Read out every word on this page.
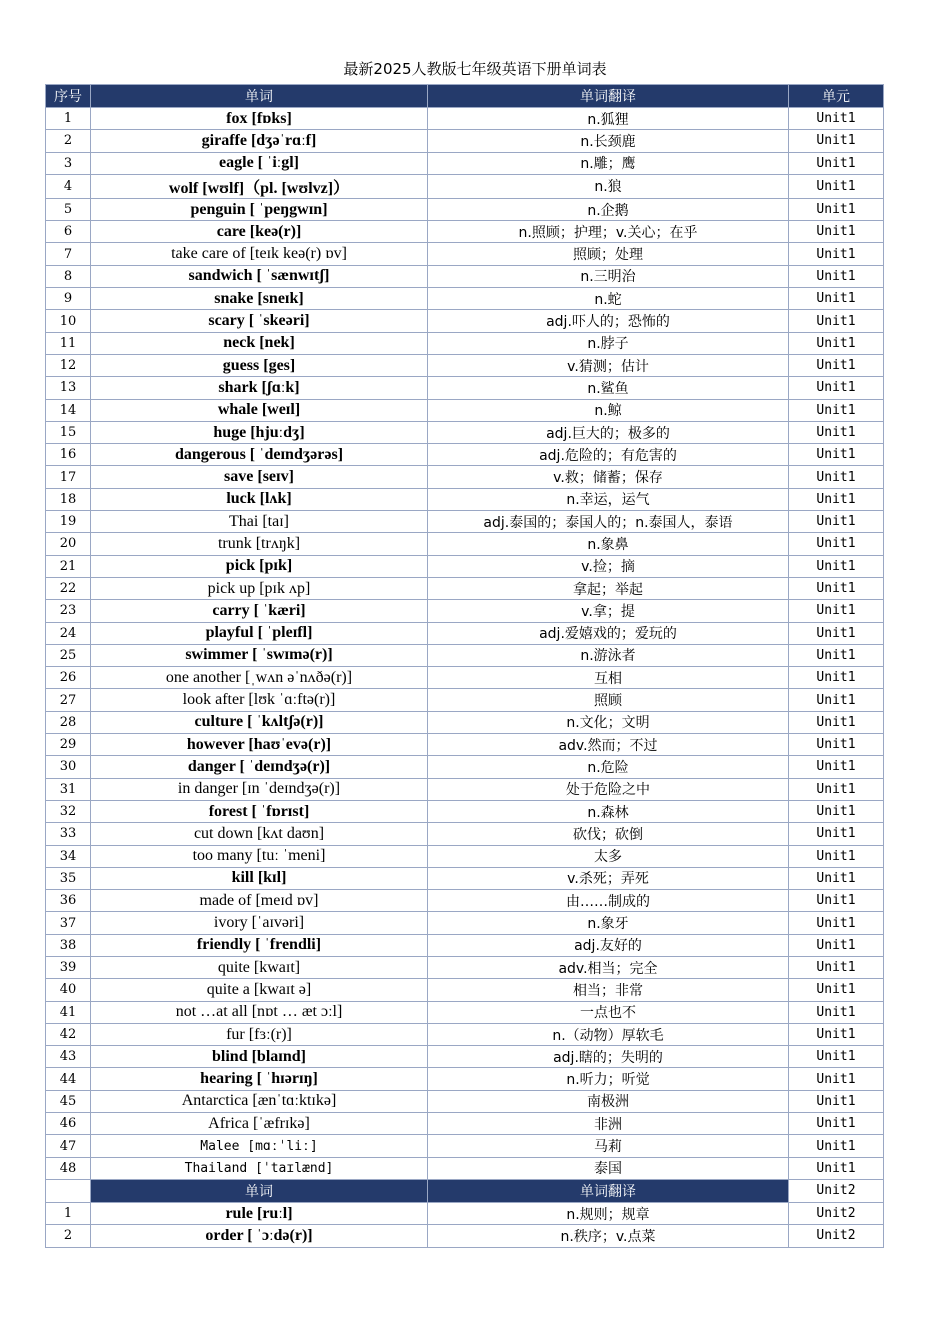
最新2025人教版七年级英语下册单词表
序号	单词	单词翻译	单元
1	fox [fɒks]	n.狐狸	Unit1
2	giraffe [dʒəˈrɑːf]	n.长颈鹿	Unit1
3	eagle [ ˈiːgl]	n.雕；鹰	Unit1
4	wolf [wʊlf]（pl. [wʊlvz]）	n.狼	Unit1
5	penguin [ ˈpeŋgwɪn]	n.企鹅	Unit1
6	care [keə(r)]	n.照顾；护理；v.关心；在乎	Unit1
7	take care of [teɪk keə(r) ɒv]	照顾；处理	Unit1
8	sandwich [ ˈsænwɪtʃ]	n.三明治	Unit1
9	snake [sneɪk]	n.蛇	Unit1
10	scary [ ˈskeəri]	adj.吓人的；恐怖的	Unit1
11	neck [nek]	n.脖子	Unit1
12	guess [ges]	v.猜测；估计	Unit1
13	shark [ʃɑːk]	n.鲨鱼	Unit1
14	whale [weɪl]	n.鲸	Unit1
15	huge [hjuːdʒ]	adj.巨大的；极多的	Unit1
16	dangerous [ ˈdeɪndʒərəs]	adj.危险的；有危害的	Unit1
17	save [seɪv]	v.救；储蓄；保存	Unit1
18	luck [lʌk]	n.幸运，运气	Unit1
19	Thai [taɪ]	adj.泰国的；泰国人的；n.泰国人，泰语	Unit1
20	trunk [trʌŋk]	n.象鼻	Unit1
21	pick [pɪk]	v.捡；摘	Unit1
22	pick up [pɪk ʌp]	拿起；举起	Unit1
23	carry [ ˈkæri]	v.拿；提	Unit1
24	playful [ ˈpleɪfl]	adj.爱嬉戏的；爱玩的	Unit1
25	swimmer [ ˈswɪmə(r)]	n.游泳者	Unit1
26	one another [ˌwʌn əˈnʌðə(r)]	互相	Unit1
27	look after [lʊk ˈɑːftə(r)]	照顾	Unit1
28	culture [ ˈkʌltʃə(r)]	n.文化；文明	Unit1
29	however [haʊˈevə(r)]	adv.然而；不过	Unit1
30	danger [ ˈdeɪndʒə(r)]	n.危险	Unit1
31	in danger [ɪn ˈdeɪndʒə(r)]	处于危险之中	Unit1
32	forest [ ˈfɒrɪst]	n.森林	Unit1
33	cut down [kʌt daʊn]	砍伐；砍倒	Unit1
34	too many [tuː ˈmeni]	太多	Unit1
35	kill [kɪl]	v.杀死；弄死	Unit1
36	made of [meɪd ɒv]	由……制成的	Unit1
37	ivory [ˈaɪvəri]	n.象牙	Unit1
38	friendly [ ˈfrendli]	adj.友好的	Unit1
39	quite [kwaɪt]	adv.相当；完全	Unit1
40	quite a [kwaɪt ə]	相当；非常	Unit1
41	not …at all [nɒt … æt ɔːl]	一点也不	Unit1
42	fur [fɜː(r)]	n.（动物）厚软毛	Unit1
43	blind [blaɪnd]	adj.瞎的；失明的	Unit1
44	hearing [ ˈhɪərɪŋ]	n.听力；听觉	Unit1
45	Antarctica [ænˈtɑːktɪkə]	南极洲	Unit1
46	Africa [ˈæfrɪkə]	非洲	Unit1
47	Malee [mɑːˈliː]	马莉	Unit1
48	Thailand [ˈtaɪlænd]	泰国	Unit1
	单词	单词翻译	Unit2
1	rule [ruːl]	n.规则；规章	Unit2
2	order [ ˈɔːdə(r)]	n.秩序；v.点菜	Unit2
